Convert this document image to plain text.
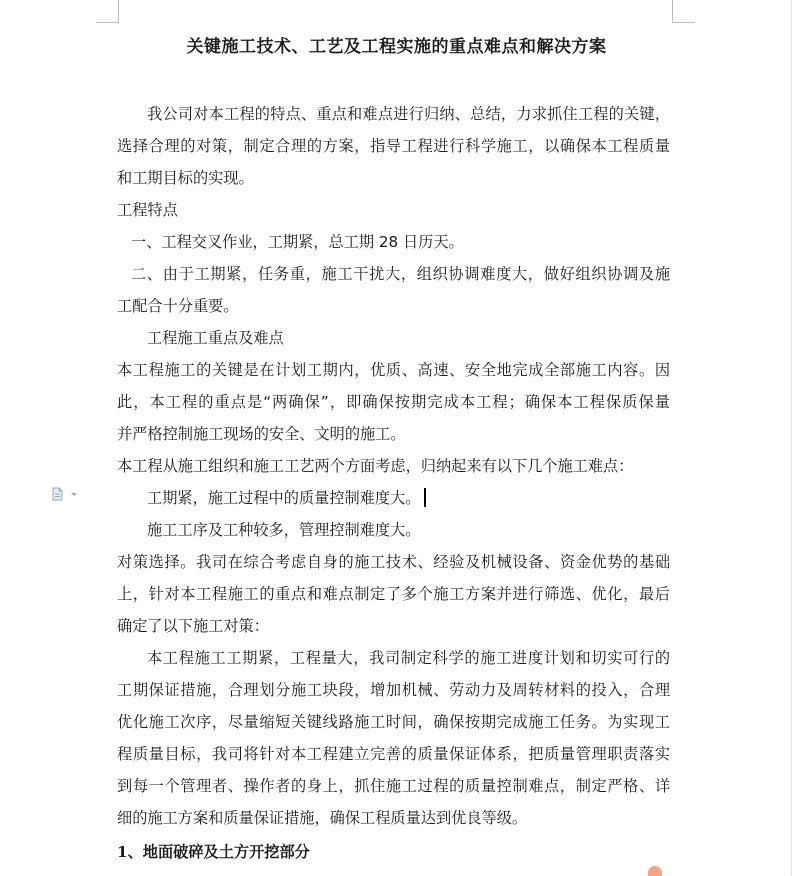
关键施工技术、工艺及工程实施的重点难点和解决方案
我公司对本工程的特点、重点和难点进行归纳、总结，力求抓住工程的关键，
选择合理的对策，制定合理的方案，指导工程进行科学施工，以确保本工程质量
和工期目标的实现。
工程特点
一、工程交叉作业，工期紧，总工期 28 日历天。
二、由于工期紧，任务重，施工干扰大，组织协调难度大，做好组织协调及施
工配合十分重要。
工程施工重点及难点
本工程施工的关键是在计划工期内，优质、高速、安全地完成全部施工内容。因
此，本工程的重点是“两确保”，即确保按期完成本工程；确保本工程保质保量
并严格控制施工现场的安全、文明的施工。
本工程从施工组织和施工工艺两个方面考虑，归纳起来有以下几个施工难点：
工期紧，施工过程中的质量控制难度大。
施工工序及工种较多，管理控制难度大。
对策选择。我司在综合考虑自身的施工技术、经验及机械设备、资金优势的基础
上，针对本工程施工的重点和难点制定了多个施工方案并进行筛选、优化，最后
确定了以下施工对策：
本工程施工工期紧，工程量大，我司制定科学的施工进度计划和切实可行的
工期保证措施，合理划分施工块段，增加机械、劳动力及周转材料的投入，合理
优化施工次序，尽量缩短关键线路施工时间，确保按期完成施工任务。为实现工
程质量目标，我司将针对本工程建立完善的质量保证体系，把质量管理职责落实
到每一个管理者、操作者的身上，抓住施工过程的质量控制难点，制定严格、详
细的施工方案和质量保证措施，确保工程质量达到优良等级。
1、地面破碎及土方开挖部分
